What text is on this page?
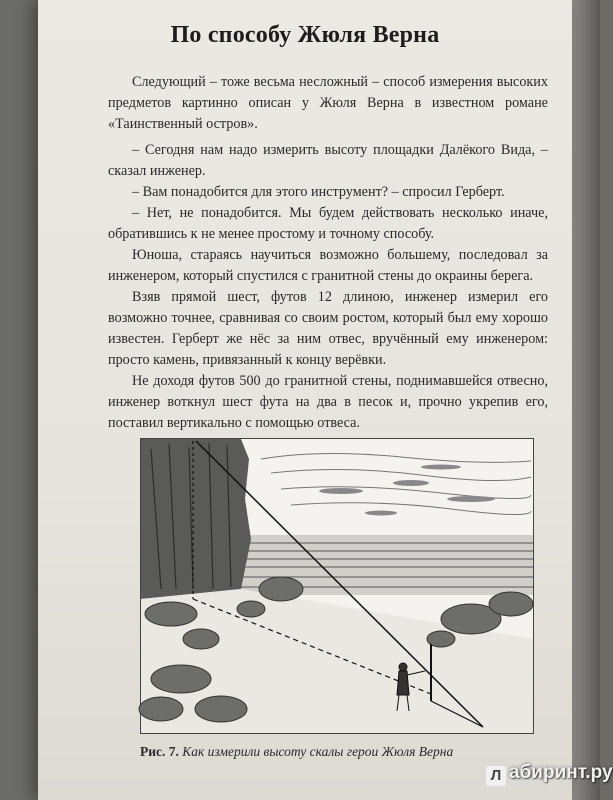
По способу Жюля Верна

Следующий – тоже весьма несложный – способ измерения высоких предметов картинно описан у Жюля Верна в известном романе «Таинственный остров».

– Сегодня нам надо измерить высоту площадки Далёкого Вида, – сказал инженер.

– Вам понадобится для этого инструмент? – спросил Герберт.

– Нет, не понадобится. Мы будем действовать несколько иначе, обратившись к не менее простому и точному способу.

Юноша, стараясь научиться возможно большему, последовал за инженером, который спустился с гранитной стены до окраины берега.

Взяв прямой шест, футов 12 длиною, инженер измерил его возможно точнее, сравнивая со своим ростом, который был ему хорошо известен. Герберт же нёс за ним отвес, вручённый ему инженером: просто камень, привязанный к концу верёвки.

Не доходя футов 500 до гранитной стены, поднимавшейся отвесно, инженер воткнул шест фута на два в песок и, прочно укрепив его, поставил вертикально с помощью отвеса.

Рис. 7. Как измерили высоту скалы герои Жюля Верна
Л абиринт.ру
